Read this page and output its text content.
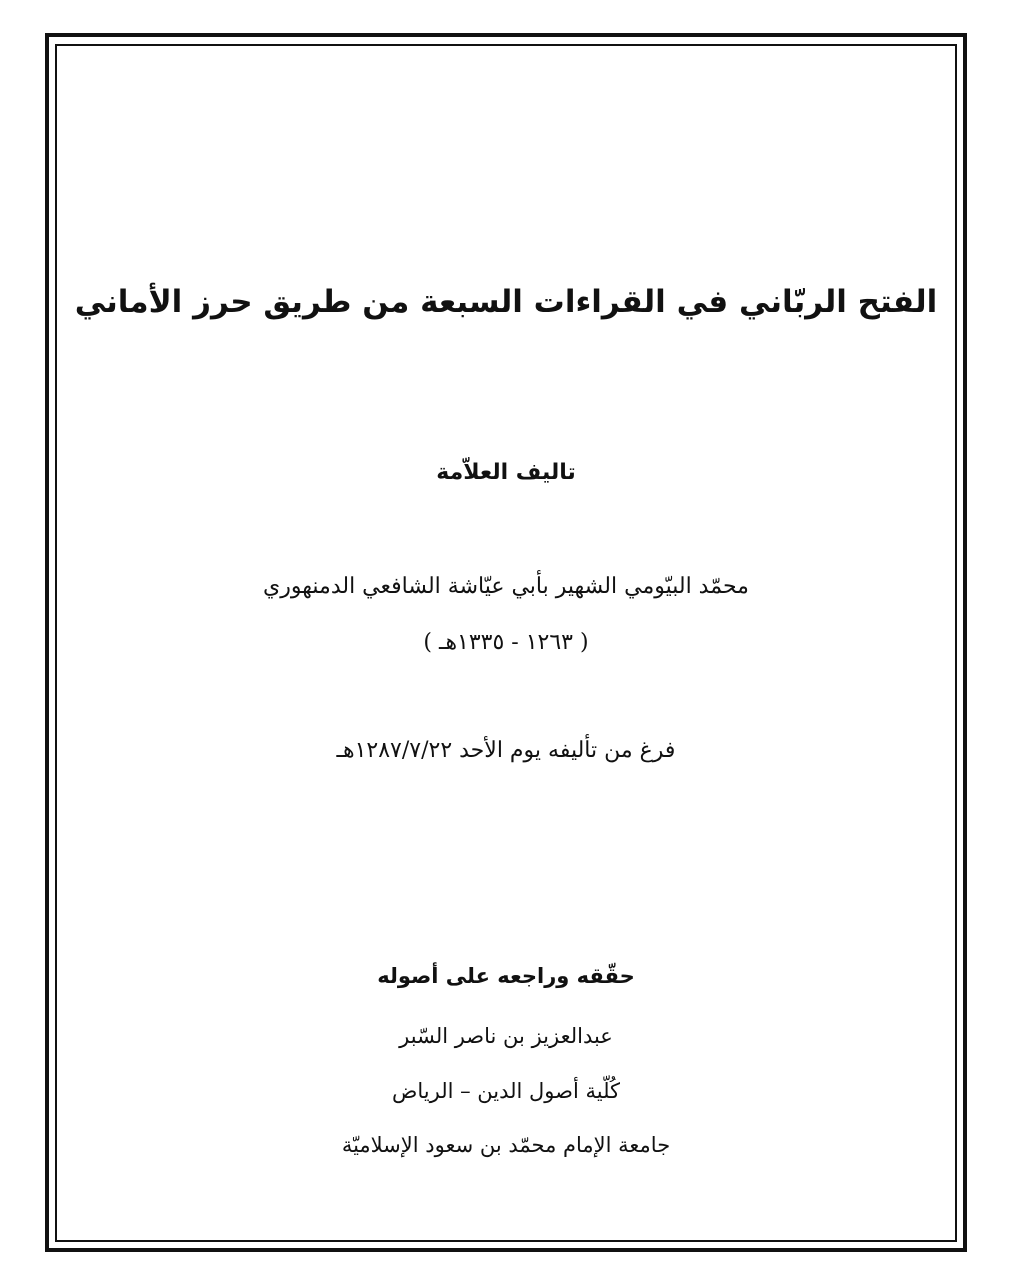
الفتح الربّاني في القراءات السبعة من طريق حرز الأماني
تاليف العلاّمة
محمّد البيّومي الشهير بأبي عيّاشة الشافعي الدمنهوري
( ١٢٦٣ - ١٣٣٥هـ )
فرغ من تأليفه يوم الأحد ١٢٨٧/٧/٢٢هـ
حقّقه وراجعه على أصوله
عبدالعزيز بن ناصر السّبر
كُلّية أصول الدين – الرياض
جامعة الإمام محمّد بن سعود الإسلاميّة
